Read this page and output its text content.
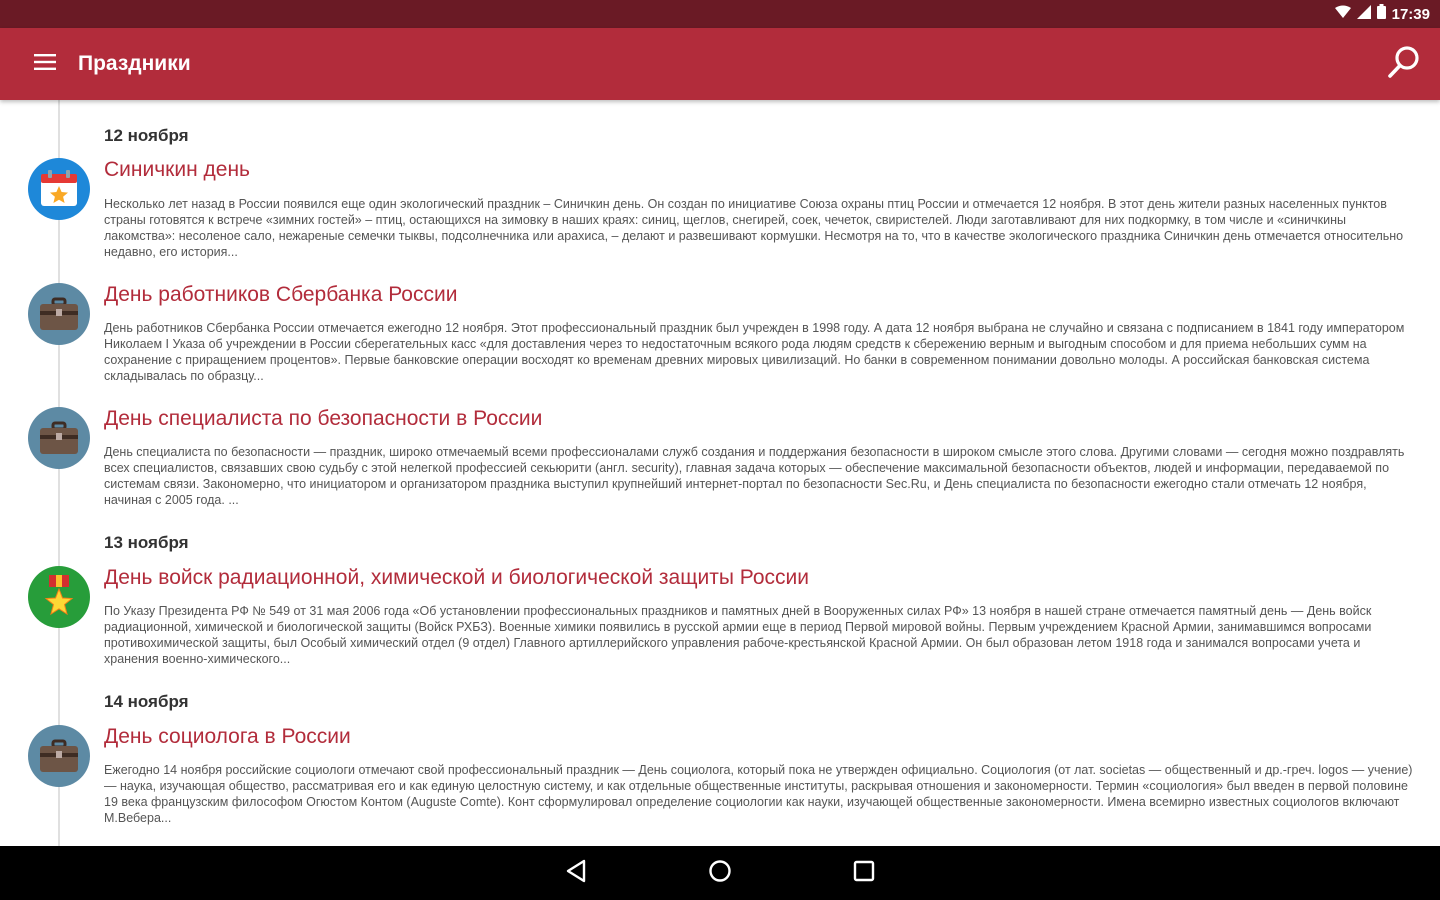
17:39
Праздники
12 ноября
Синичкин день
Несколько лет назад в России появился еще один экологический праздник – Синичкин день. Он создан по инициативе Союза охраны птиц России и отмечается 12 ноября. В этот день жители разных населенных пунктов страны готовятся к встрече «зимних гостей» – птиц, остающихся на зимовку в наших краях: синиц, щеглов, снегирей, соек, чечеток, свиристелей. Люди заготавливают для них подкормку, в том числе и «синичкины лакомства»: несоленое сало, нежареные семечки тыквы, подсолнечника или арахиса, – делают и развешивают кормушки. Несмотря на то, что в качестве экологического праздника Синичкин день отмечается относительно недавно, его история...
День работников Сбербанка России
День работников Сбербанка России отмечается ежегодно 12 ноября. Этот профессиональный праздник был учрежден в 1998 году. А дата 12 ноября выбрана не случайно и связана с подписанием в 1841 году императором Николаем I Указа об учреждении в России сберегательных касс «для доставления через то недостаточным всякого рода людям средств к сбережению верным и выгодным способом и для приема небольших сумм на сохранение с приращением процентов». Первые банковские операции восходят ко временам древних мировых цивилизаций. Но банки в современном понимании довольно молоды. А российская банковская система складывалась по образцу...
День специалиста по безопасности в России
День специалиста по безопасности — праздник, широко отмечаемый всеми профессионалами служб создания и поддержания безопасности в широком смысле этого слова. Другими словами — сегодня можно поздравлять всех специалистов, связавших свою судьбу с этой нелегкой профессией секьюрити (англ. security), главная задача которых — обеспечение максимальной безопасности объектов, людей и информации, передаваемой по системам связи. Закономерно, что инициатором и организатором праздника выступил крупнейший интернет-портал по безопасности Sec.Ru, и День специалиста по безопасности ежегодно стали отмечать 12 ноября, начиная с 2005 года. ...
13 ноября
День войск радиационной, химической и биологической защиты России
По Указу Президента РФ № 549 от 31 мая 2006 года «Об установлении профессиональных праздников и памятных дней в Вооруженных силах РФ» 13 ноября в нашей стране отмечается памятный день — День войск радиационной, химической и биологической защиты (Войск РХБЗ). Военные химики появились в русской армии еще в период Первой мировой войны. Первым учреждением Красной Армии, занимавшимся вопросами противохимической защиты, был Особый химический отдел (9 отдел) Главного артиллерийского управления рабоче-крестьянской Красной Армии. Он был образован летом 1918 года и занимался вопросами учета и хранения военно-химического...
14 ноября
День социолога в России
Ежегодно 14 ноября российские социологи отмечают свой профессиональный праздник — День социолога, который пока не утвержден официально. Социология (от лат. societas — общественный и др.-греч. logos — учение) — наука, изучающая общество, рассматривая его и как единую целостную систему, и как отдельные общественные институты, раскрывая отношения и закономерности. Термин «социология» был введен в первой половине 19 века французским философом Огюстом Контом (Auguste Comte). Конт сформулировал определение социологии как науки, изучающей общественные закономерности. Имена всемирно известных социологов включают М.Вебера...
